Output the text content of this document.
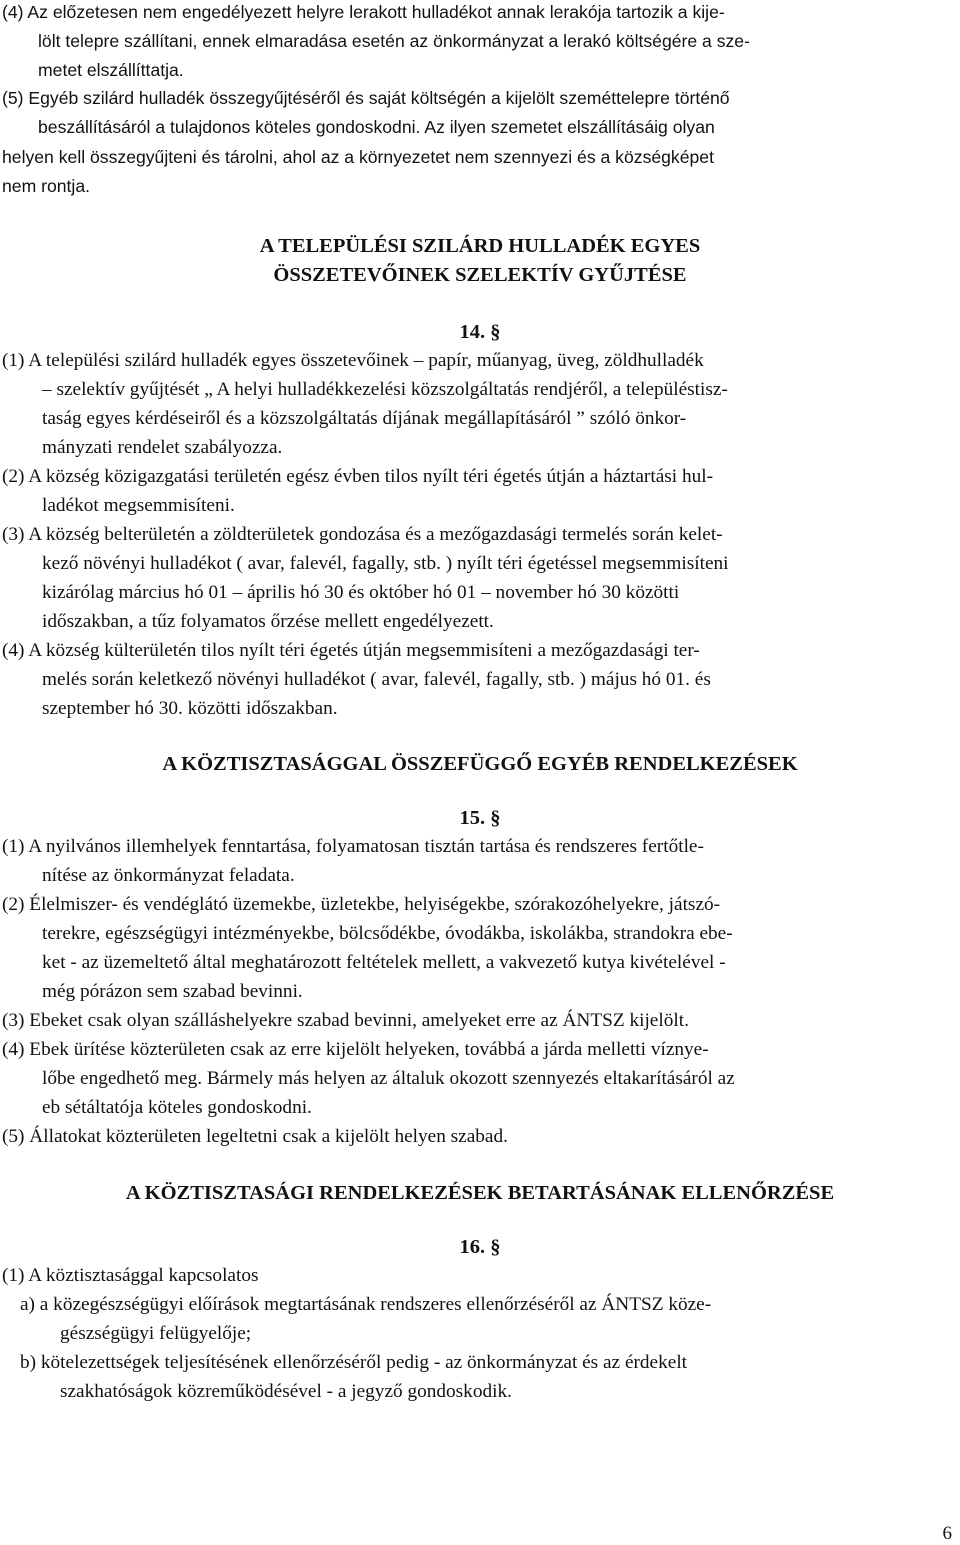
(4) Az előzetesen nem engedélyezett helyre lerakott hulladékot annak lerakója tartozik a kije-
lölt telepre szállítani, ennek elmaradása esetén az önkormányzat a lerakó költségére a sze-
metet elszállíttatja.
(5) Egyéb szilárd hulladék összegyűjtéséről és saját költségén a kijelölt szeméttelepre történő
beszállításáról a tulajdonos köteles gondoskodni. Az ilyen szemetet elszállításáig olyan
helyen kell összegyűjteni és tárolni, ahol az a környezetet nem szennyezi és a községképet
nem rontja.
A TELEPÜLÉSI SZILÁRD HULLADÉK EGYES
ÖSSZETEVŐINEK SZELEKTÍV GYŰJTÉSE
14. §
(1) A települési szilárd hulladék egyes összetevőinek – papír, műanyag, üveg, zöldhulladék
– szelektív gyűjtését „ A helyi hulladékkezelési közszolgáltatás rendjéről, a településtisz-
taság egyes kérdéseiről és a közszolgáltatás díjának megállapításáról ” szóló önkor-
mányzati rendelet szabályozza.
(2) A község közigazgatási területén egész évben tilos nyílt téri égetés útján a háztartási hul-
ladékot megsemmisíteni.
(3) A község belterületén a zöldterületek gondozása és a mezőgazdasági termelés során kelet-
kező növényi hulladékot ( avar, falevél, fagally, stb. ) nyílt téri égetéssel megsemmisíteni
kizárólag március hó 01 – április hó 30 és október hó 01 – november hó 30 közötti
időszakban, a tűz folyamatos őrzése mellett engedélyezett.
(4) A község külterületén tilos nyílt téri égetés útján megsemmisíteni a mezőgazdasági ter-
melés során keletkező növényi hulladékot ( avar, falevél, fagally, stb. ) május hó 01. és
szeptember hó 30. közötti időszakban.
A KÖZTISZTASÁGGAL ÖSSZEFÜGGŐ EGYÉB RENDELKEZÉSEK
15. §
(1) A nyilvános illemhelyek fenntartása, folyamatosan tisztán tartása és rendszeres fertőtle-
nítése az önkormányzat feladata.
(2) Élelmiszer- és vendéglátó üzemekbe, üzletekbe, helyiségekbe, szórakozóhelyekre, játszó-
terekre, egészségügyi intézményekbe, bölcsődékbe, óvodákba, iskolákba, strandokra ebe-
ket - az üzemeltető által meghatározott feltételek mellett, a vakvezető kutya kivételével -
még pórázon sem szabad bevinni.
(3) Ebeket csak olyan szálláshelyekre szabad bevinni, amelyeket erre az ÁNTSZ kijelölt.
(4) Ebek ürítése közterületen csak az erre kijelölt helyeken, továbbá a járda melletti víznye-
lőbe engedhető meg. Bármely más helyen az általuk okozott szennyezés eltakarításáról az
eb sétáltatója köteles gondoskodni.
(5) Állatokat közterületen legeltetni csak a kijelölt helyen szabad.
A KÖZTISZTASÁGI RENDELKEZÉSEK BETARTÁSÁNAK ELLENŐRZÉSE
16. §
(1) A köztisztasággal kapcsolatos
a) a közegészségügyi előírások megtartásának rendszeres ellenőrzéséről az ÁNTSZ köze-
gészségügyi felügyelője;
b) kötelezettségek teljesítésének ellenőrzéséről pedig - az önkormányzat és az érdekelt
szakhatóságok közreműködésével - a jegyző gondoskodik.
6
